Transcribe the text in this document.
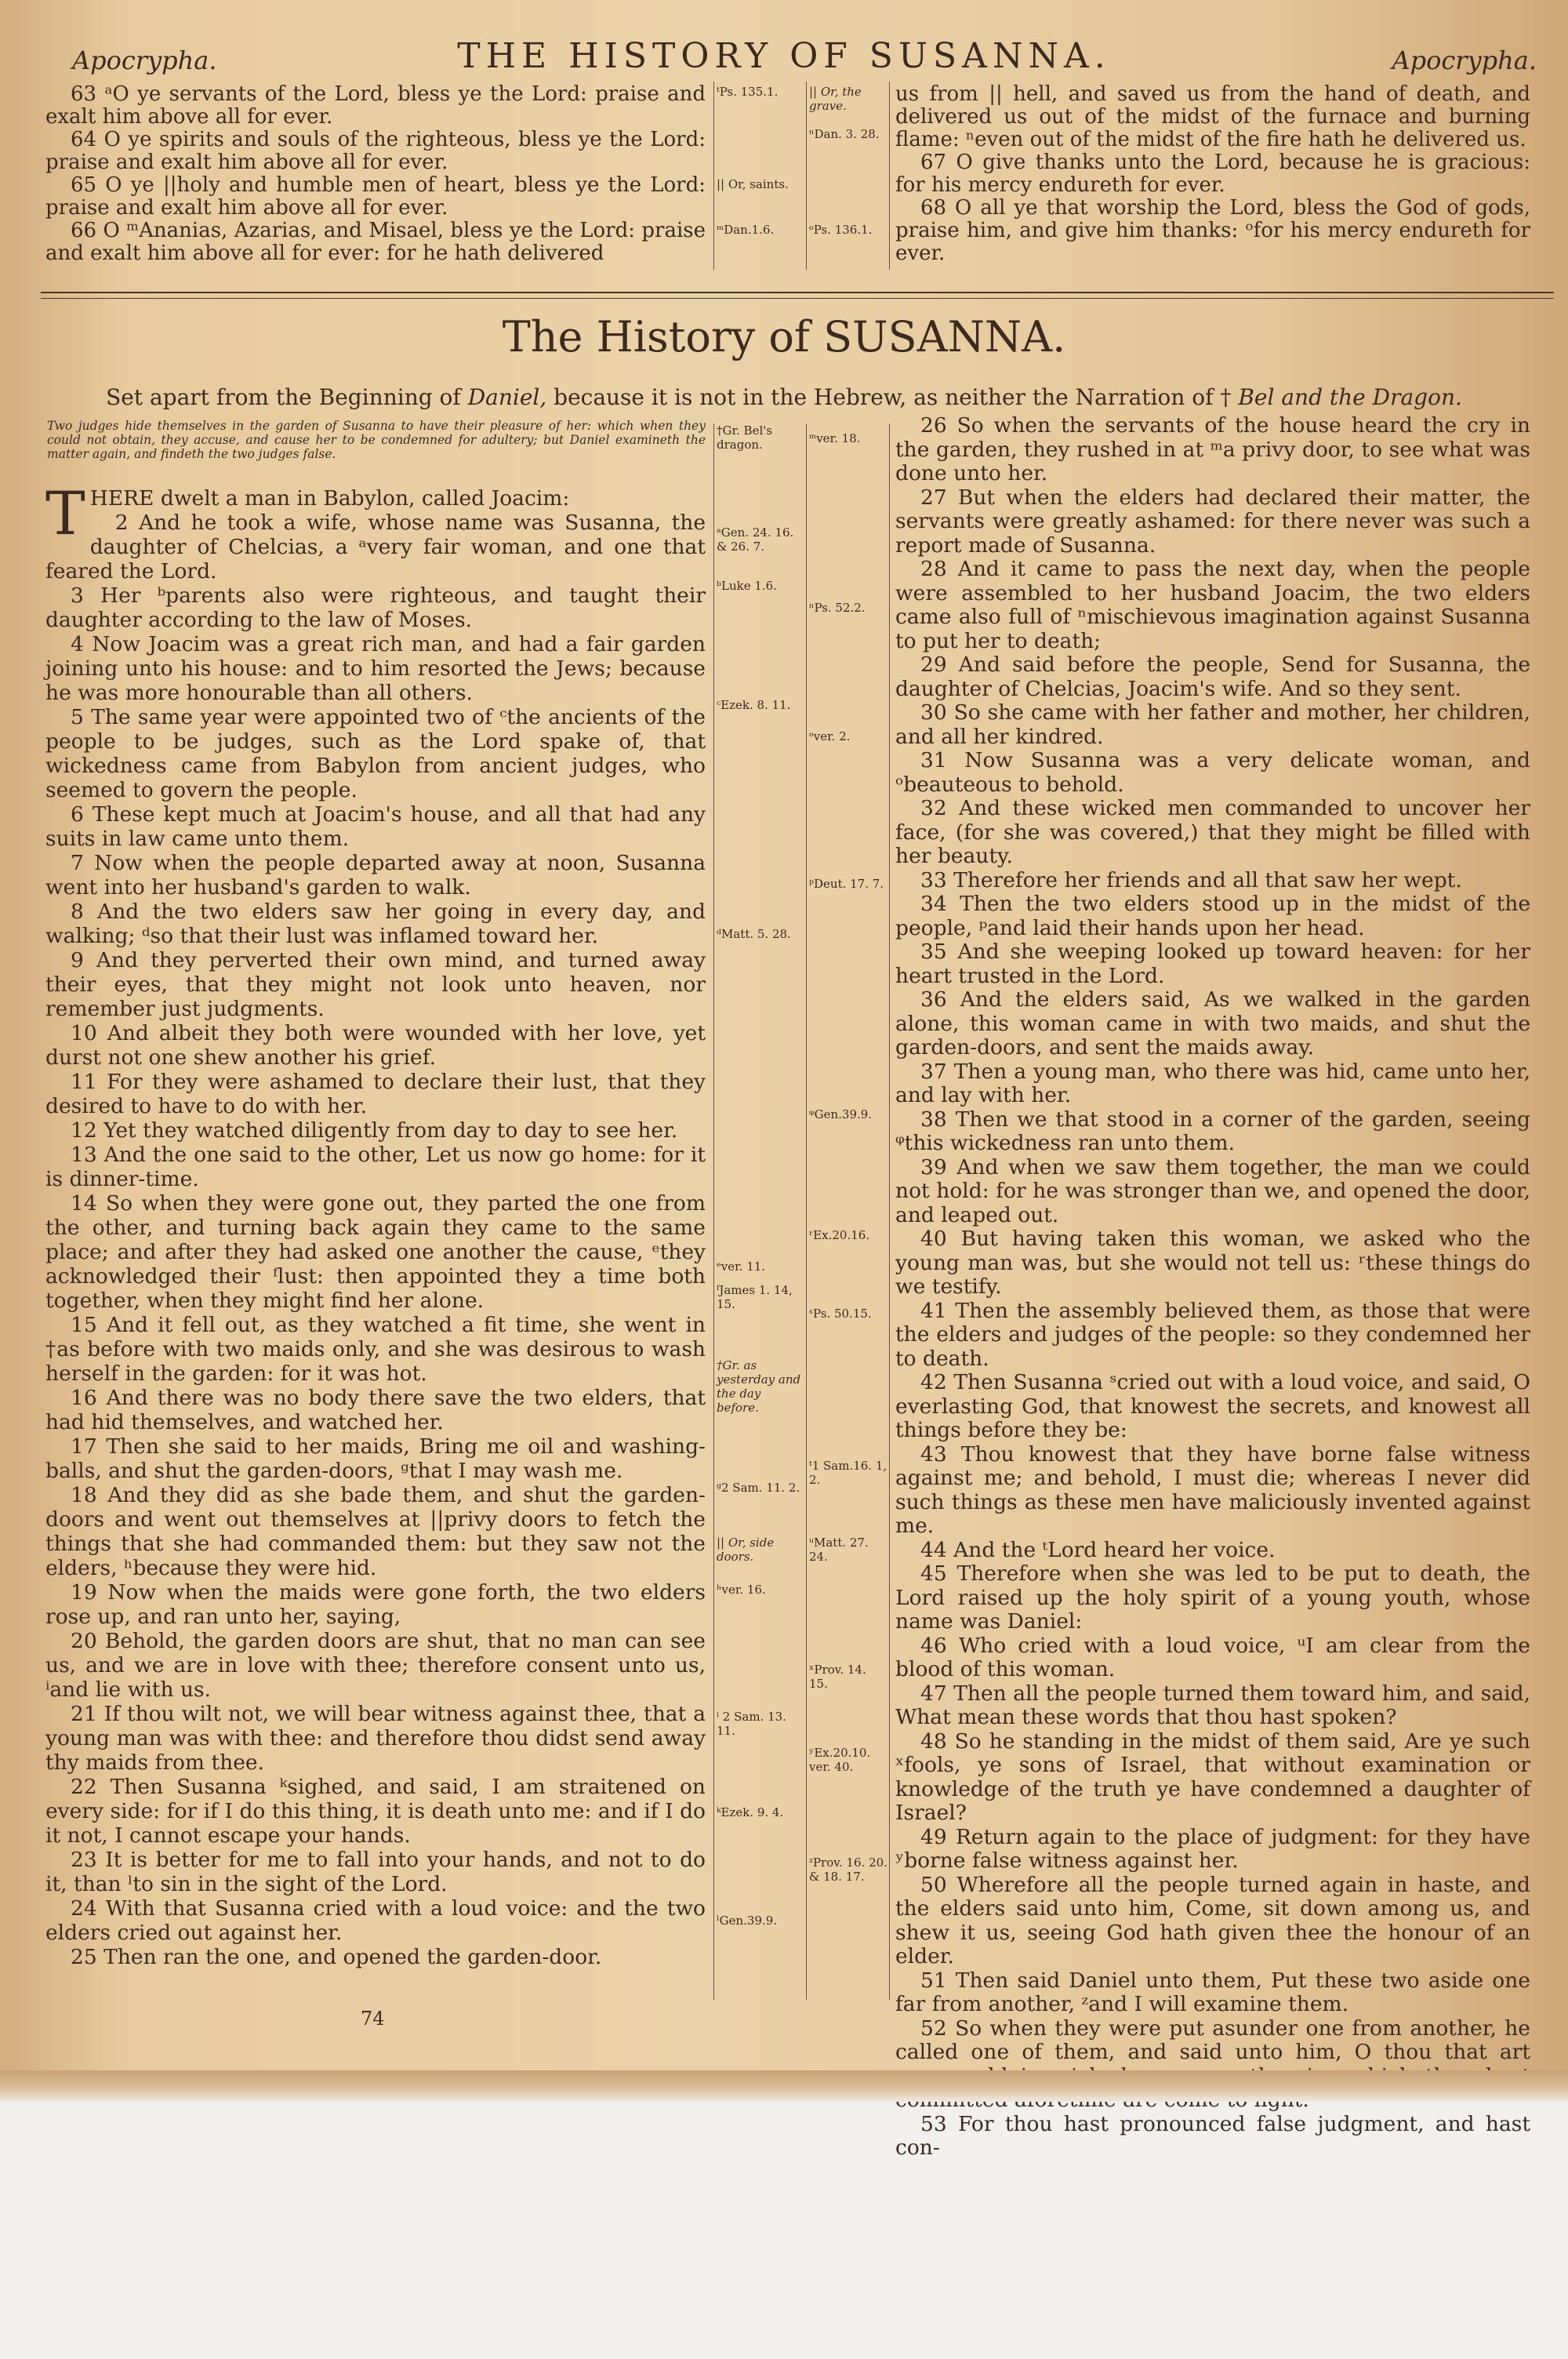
Apocrypha.	THE HISTORY OF SUSANNA.	Apocrypha.

63 ᵃO ye servants of the Lord, bless ye the Lord: praise and exalt him above all for ever.

64 O ye spirits and souls of the righteous, bless ye the Lord: praise and exalt him above all for ever.

65 O ye ||holy and humble men of heart, bless ye the Lord: praise and exalt him above all for ever.

66 O ᵐAnanias, Azarias, and Misael, bless ye the Lord: praise and exalt him above all for ever: for he hath delivered

ᵗPs. 135.1.
|| Or, saints.
ᵐDan.1.6.
|| Or, the grave.
ⁿDan. 3. 28.
ᵒPs. 136.1.

us from || hell, and saved us from the hand of death, and delivered us out of the midst of the furnace and burning flame: ⁿeven out of the midst of the fire hath he delivered us.

67 O give thanks unto the Lord, because he is gracious: for his mercy endureth for ever.

68 O all ye that worship the Lord, bless the God of gods, praise him, and give him thanks: ᵒfor his mercy endureth for ever.

The History of SUSANNA.
Set apart from the Beginning of Daniel, because it is not in the Hebrew, as neither the Narration of † Bel and the Dragon.
Two judges hide themselves in the garden of Susanna to have their pleasure of her: which when they could not obtain, they accuse, and cause her to be condemned for adultery; but Daniel examineth the matter again, and findeth the two judges false.

THERE dwelt a man in Babylon, called Joacim:

2 And he took a wife, whose name was Susanna, the daughter of Chelcias, a ᵃvery fair woman, and one that feared the Lord.

3 Her ᵇparents also were righteous, and taught their daughter according to the law of Moses.

4 Now Joacim was a great rich man, and had a fair garden joining unto his house: and to him resorted the Jews; because he was more honourable than all others.

5 The same year were appointed two of ᶜthe ancients of the people to be judges, such as the Lord spake of, that wickedness came from Babylon from ancient judges, who seemed to govern the people.

6 These kept much at Joacim's house, and all that had any suits in law came unto them.

7 Now when the people departed away at noon, Susanna went into her husband's garden to walk.

8 And the two elders saw her going in every day, and walking; ᵈso that their lust was inflamed toward her.

9 And they perverted their own mind, and turned away their eyes, that they might not look unto heaven, nor remember just judgments.

10 And albeit they both were wounded with her love, yet durst not one shew another his grief.

11 For they were ashamed to declare their lust, that they desired to have to do with her.

12 Yet they watched diligently from day to day to see her.

13 And the one said to the other, Let us now go home: for it is dinner-time.

14 So when they were gone out, they parted the one from the other, and turning back again they came to the same place; and after they had asked one another the cause, ᵉthey acknowledged their ᶠlust: then appointed they a time both together, when they might find her alone.

15 And it fell out, as they watched a fit time, she went in †as before with two maids only, and she was desirous to wash herself in the garden: for it was hot.

16 And there was no body there save the two elders, that had hid themselves, and watched her.

17 Then she said to her maids, Bring me oil and washing-balls, and shut the garden-doors, ᵍthat I may wash me.

18 And they did as she bade them, and shut the garden-doors and went out themselves at ||privy doors to fetch the things that she had commanded them: but they saw not the elders, ʰbecause they were hid.

19 Now when the maids were gone forth, the two elders rose up, and ran unto her, saying,

20 Behold, the garden doors are shut, that no man can see us, and we are in love with thee; therefore consent unto us, ⁱand lie with us.

21 If thou wilt not, we will bear witness against thee, that a young man was with thee: and therefore thou didst send away thy maids from thee.

22 Then Susanna ᵏsighed, and said, I am straitened on every side: for if I do this thing, it is death unto me: and if I do it not, I cannot escape your hands.

23 It is better for me to fall into your hands, and not to do it, than ˡto sin in the sight of the Lord.

24 With that Susanna cried with a loud voice: and the two elders cried out against her.

25 Then ran the one, and opened the garden-door.

†Gr. Bel's dragon.
ᵃGen. 24. 16. & 26. 7.
ᵇLuke 1.6.
ᶜEzek. 8. 11.
ᵈMatt. 5. 28.
ᵉver. 11.
ᶠJames 1. 14, 15.
†Gr. as yesterday and the day before.
ᵍ2 Sam. 11. 2.
|| Or, side doors.
ʰver. 16.
ⁱ 2 Sam. 13. 11.
ᵏEzek. 9. 4.
ˡGen.39.9.
ᵐver. 18.
ⁿPs. 52.2.
ᵒver. 2.
ᵖDeut. 17. 7.
ᵠGen.39.9.
ʳEx.20.16.
ˢPs. 50.15.
ᵗ1 Sam.16. 1, 2.
ᵘMatt. 27. 24.
ˣProv. 14. 15.
ʸEx.20.10. ver. 40.
ᶻProv. 16. 20. & 18. 17.

26 So when the servants of the house heard the cry in the garden, they rushed in at ᵐa privy door, to see what was done unto her.

27 But when the elders had declared their matter, the servants were greatly ashamed: for there never was such a report made of Susanna.

28 And it came to pass the next day, when the people were assembled to her husband Joacim, the two elders came also full of ⁿmischievous imagination against Susanna to put her to death;

29 And said before the people, Send for Susanna, the daughter of Chelcias, Joacim's wife. And so they sent.

30 So she came with her father and mother, her children, and all her kindred.

31 Now Susanna was a very delicate woman, and ᵒbeauteous to behold.

32 And these wicked men commanded to uncover her face, (for she was covered,) that they might be filled with her beauty.

33 Therefore her friends and all that saw her wept.

34 Then the two elders stood up in the midst of the people, ᵖand laid their hands upon her head.

35 And she weeping looked up toward heaven: for her heart trusted in the Lord.

36 And the elders said, As we walked in the garden alone, this woman came in with two maids, and shut the garden-doors, and sent the maids away.

37 Then a young man, who there was hid, came unto her, and lay with her.

38 Then we that stood in a corner of the garden, seeing ᵠthis wickedness ran unto them.

39 And when we saw them together, the man we could not hold: for he was stronger than we, and opened the door, and leaped out.

40 But having taken this woman, we asked who the young man was, but she would not tell us: ʳthese things do we testify.

41 Then the assembly believed them, as those that were the elders and judges of the people: so they condemned her to death.

42 Then Susanna ˢcried out with a loud voice, and said, O everlasting God, that knowest the secrets, and knowest all things before they be:

43 Thou knowest that they have borne false witness against me; and behold, I must die; whereas I never did such things as these men have maliciously invented against me.

44 And the ᵗLord heard her voice.

45 Therefore when she was led to be put to death, the Lord raised up the holy spirit of a young youth, whose name was Daniel:

46 Who cried with a loud voice, ᵘI am clear from the blood of this woman.

47 Then all the people turned them toward him, and said, What mean these words that thou hast spoken?

48 So he standing in the midst of them said, Are ye such ˣfools, ye sons of Israel, that without examination or knowledge of the truth ye have condemned a daughter of Israel?

49 Return again to the place of judgment: for they have ʸborne false witness against her.

50 Wherefore all the people turned again in haste, and the elders said unto him, Come, sit down among us, and shew it us, seeing God hath given thee the honour of an elder.

51 Then said Daniel unto them, Put these two aside one far from another, ᶻand I will examine them.

52 So when they were put asunder one from another, he called one of them, and said unto him, O thou that art

53 For thou hast pronounced false judgment, and hast con-

74
